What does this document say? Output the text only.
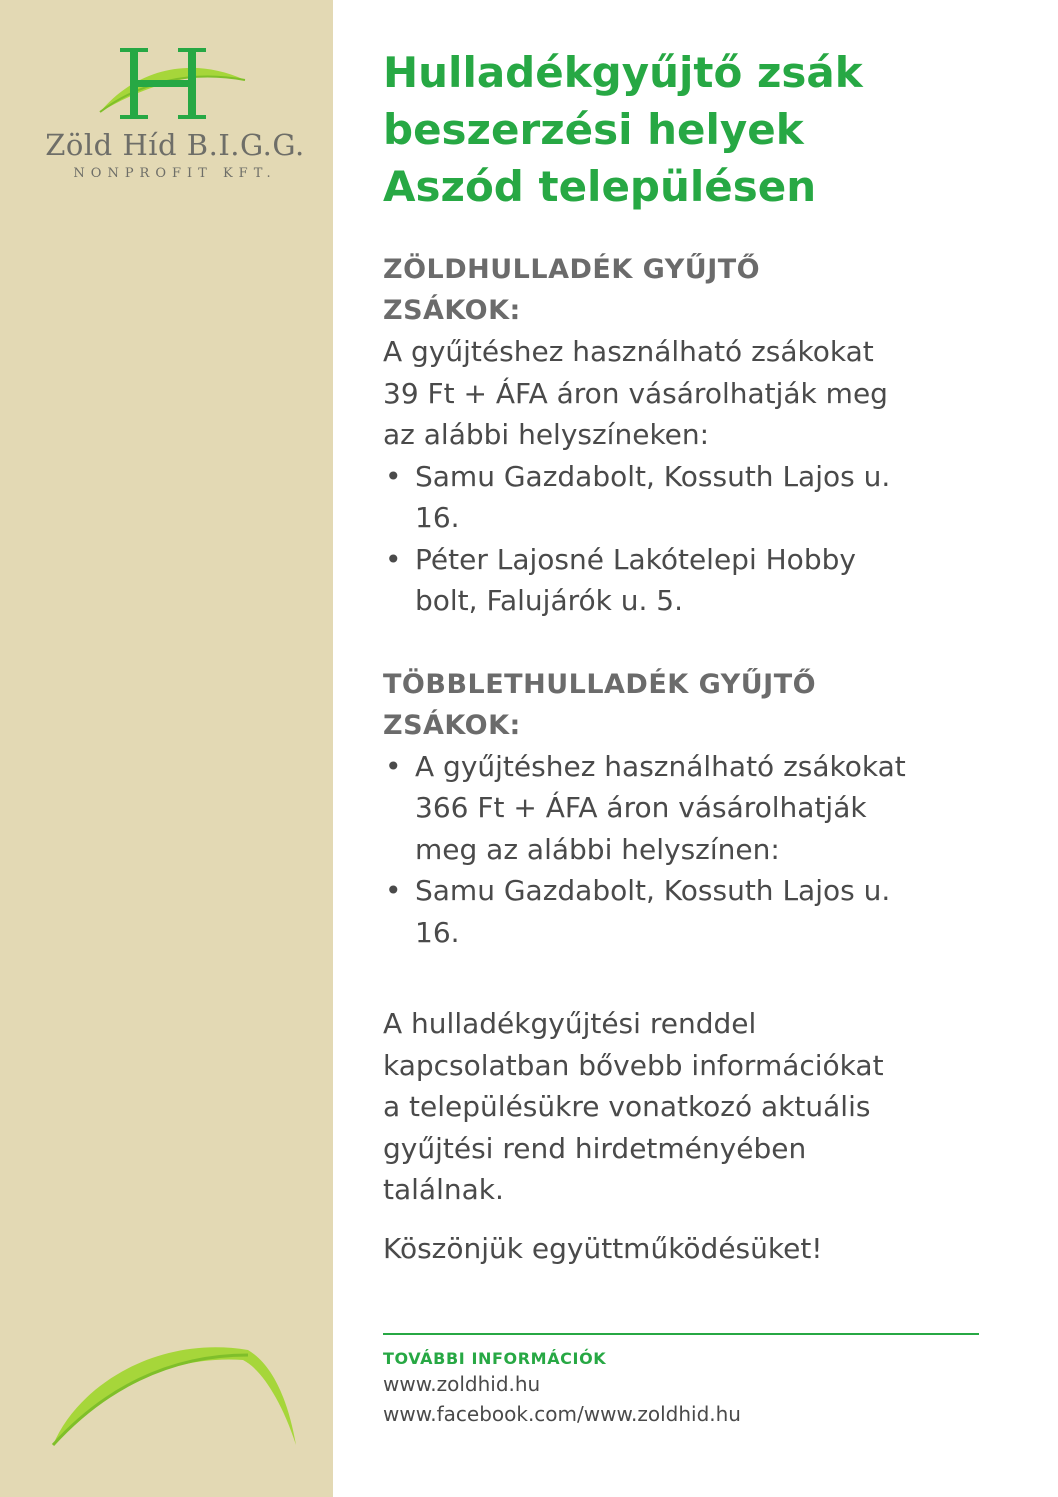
Zöld Híd B.I.G.G.
NONPROFIT KFT.
Hulladékgyűjtő zsák
beszerzési helyek
Aszód településen
ZÖLDHULLADÉK GYŰJTŐ
ZSÁKOK:

A gyűjtéshez használható zsákokat
39 Ft + ÁFA áron vásárolhatják meg
az alábbi helyszíneken:

• Samu Gazdabolt, Kossuth Lajos u.
16.
• Péter Lajosné Lakótelepi Hobby
bolt, Falujárók u. 5.
TÖBBLETHULLADÉK GYŰJTŐ
ZSÁKOK:
• A gyűjtéshez használható zsákokat
366 Ft + ÁFA áron vásárolhatják
meg az alábbi helyszínen:
• Samu Gazdabolt, Kossuth Lajos u.
16.

A hulladékgyűjtési renddel
kapcsolatban bővebb információkat
a településükre vonatkozó aktuális
gyűjtési rend hirdetményében
találnak.

Köszönjük együttműködésüket!

TOVÁBBI INFORMÁCIÓK
www.zoldhid.hu
www.facebook.com/www.zoldhid.hu
